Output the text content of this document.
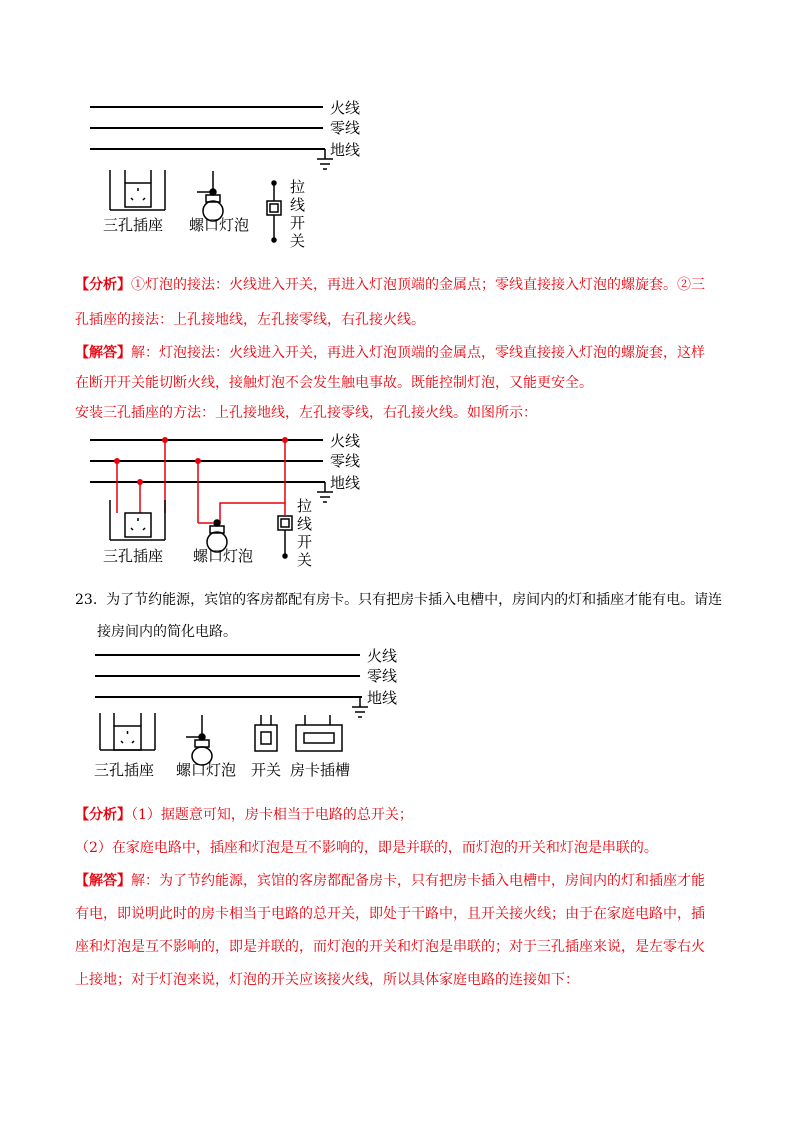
火线
零线
地线
三孔插座 螺口灯泡
拉
线
开
关
【分析】①灯泡的接法：火线进入开关，再进入灯泡顶端的金属点；零线直接接入灯泡的螺旋套。②三
孔插座的接法：上孔接地线，左孔接零线，右孔接火线。
【解答】解：灯泡接法：火线进入开关，再进入灯泡顶端的金属点，零线直接接入灯泡的螺旋套，这样
在断开开关能切断火线，接触灯泡不会发生触电事故。既能控制灯泡，又能更安全。
安装三孔插座的方法：上孔接地线，左孔接零线，右孔接火线。如图所示：
火线
零线
地线
三孔插座 螺口灯泡
拉
线
开
关
23. 为了节约能源，宾馆的客房都配有房卡。只有把房卡插入电槽中，房间内的灯和插座才能有电。请连
接房间内的简化电路。
火线
零线
地线
三孔插座 螺口灯泡 开关 房卡插槽
【分析】（1）据题意可知，房卡相当于电路的总开关；
（2）在家庭电路中，插座和灯泡是互不影响的，即是并联的，而灯泡的开关和灯泡是串联的。
【解答】解：为了节约能源，宾馆的客房都配备房卡，只有把房卡插入电槽中，房间内的灯和插座才能
有电，即说明此时的房卡相当于电路的总开关，即处于干路中，且开关接火线；由于在家庭电路中，插
座和灯泡是互不影响的，即是并联的，而灯泡的开关和灯泡是串联的；对于三孔插座来说，是左零右火
上接地；对于灯泡来说，灯泡的开关应该接火线，所以具体家庭电路的连接如下：
